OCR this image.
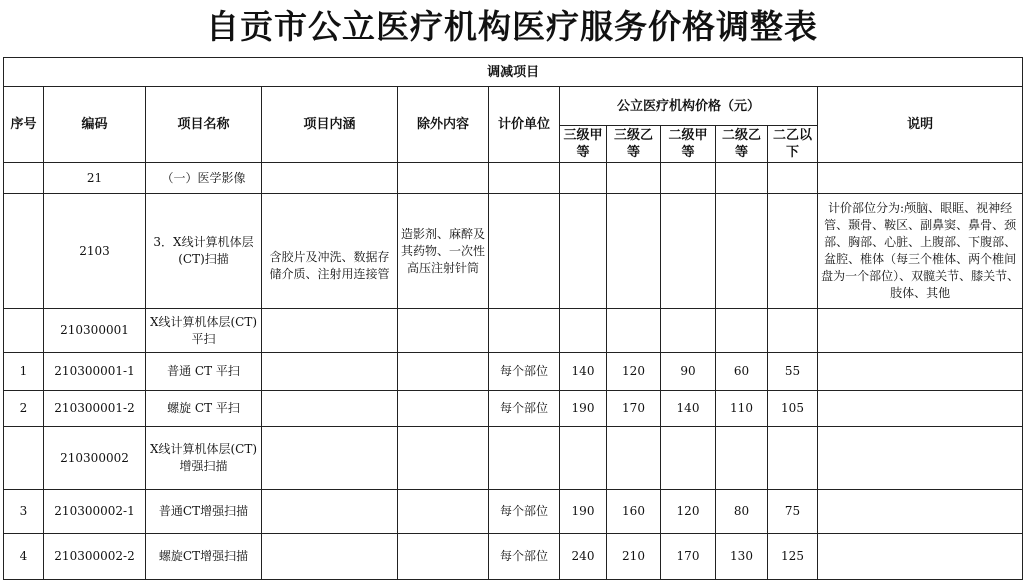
自贡市公立医疗机构医疗服务价格调整表
调减项目											
序号	编码	项目名称	项目内涵	除外内容	计价单位	公立医疗机构价格（元）					说明
						三级甲等	三级乙等	二级甲等	二级乙等	二乙以下	
	21	（一）医学影像									
	2103	3．X线计算机体层(CT)扫描	含胶片及冲洗、数据存储介质、注射用连接管	造影剂、麻醉及其药物、一次性高压注射针筒							计价部位分为:颅脑、眼眶、视神经管、颞骨、鞍区、副鼻窦、鼻骨、颈部、胸部、心脏、上腹部、下腹部、盆腔、椎体（每三个椎体、两个椎间盘为一个部位）、双髋关节、膝关节、肢体、其他
	210300001	X线计算机体层(CT)平扫									
1	210300001-1	普通 CT 平扫			每个部位	140	120	90	60	55	
2	210300001-2	螺旋 CT 平扫			每个部位	190	170	140	110	105	
	210300002	X线计算机体层(CT)增强扫描									
3	210300002-1	普通CT增强扫描			每个部位	190	160	120	80	75	
4	210300002-2	螺旋CT增强扫描			每个部位	240	210	170	130	125	
